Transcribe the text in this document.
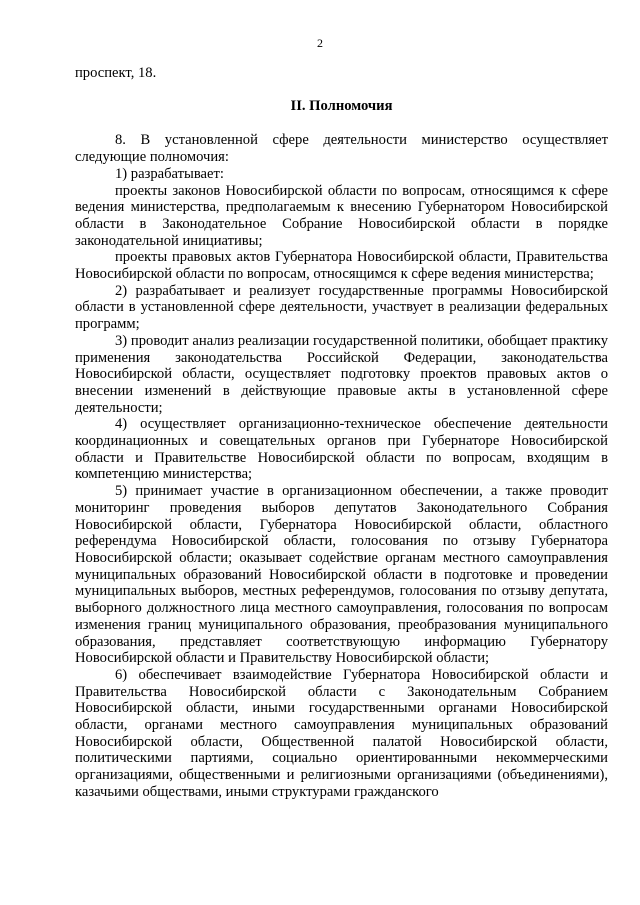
2

проспект, 18.

II. Полномочия

8. В установленной сфере деятельности министерство осуществляет следующие полномочия:

1) разрабатывает:

проекты законов Новосибирской области по вопросам, относящимся к сфере ведения министерства, предполагаемым к внесению Губернатором Новосибирской области в Законодательное Собрание Новосибирской области в порядке законодательной инициативы;

проекты правовых актов Губернатора Новосибирской области, Правительства Новосибирской области по вопросам, относящимся к сфере ведения министерства;

2) разрабатывает и реализует государственные программы Новосибирской области в установленной сфере деятельности, участвует в реализации федеральных программ;

3) проводит анализ реализации государственной политики, обобщает практику применения законодательства Российской Федерации, законодательства Новосибирской области, осуществляет подготовку проектов правовых актов о внесении изменений в действующие правовые акты в установленной сфере деятельности;

4) осуществляет организационно-техническое обеспечение деятельности координационных и совещательных органов при Губернаторе Новосибирской области и Правительстве Новосибирской области по вопросам, входящим в компетенцию министерства;

5) принимает участие в организационном обеспечении, а также проводит мониторинг проведения выборов депутатов Законодательного Собрания Новосибирской области, Губернатора Новосибирской области, областного референдума Новосибирской области, голосования по отзыву Губернатора Новосибирской области; оказывает содействие органам местного самоуправления муниципальных образований Новосибирской области в подготовке и проведении муниципальных выборов, местных референдумов, голосования по отзыву депутата, выборного должностного лица местного самоуправления, голосования по вопросам изменения границ муниципального образования, преобразования муниципального образования, представляет соответствующую информацию Губернатору Новосибирской области и Правительству Новосибирской области;

6) обеспечивает взаимодействие Губернатора Новосибирской области и Правительства Новосибирской области с Законодательным Собранием Новосибирской области, иными государственными органами Новосибирской области, органами местного самоуправления муниципальных образований Новосибирской области, Общественной палатой Новосибирской области, политическими партиями, социально ориентированными некоммерческими организациями, общественными и религиозными организациями (объединениями), казачьими обществами, иными структурами гражданского
